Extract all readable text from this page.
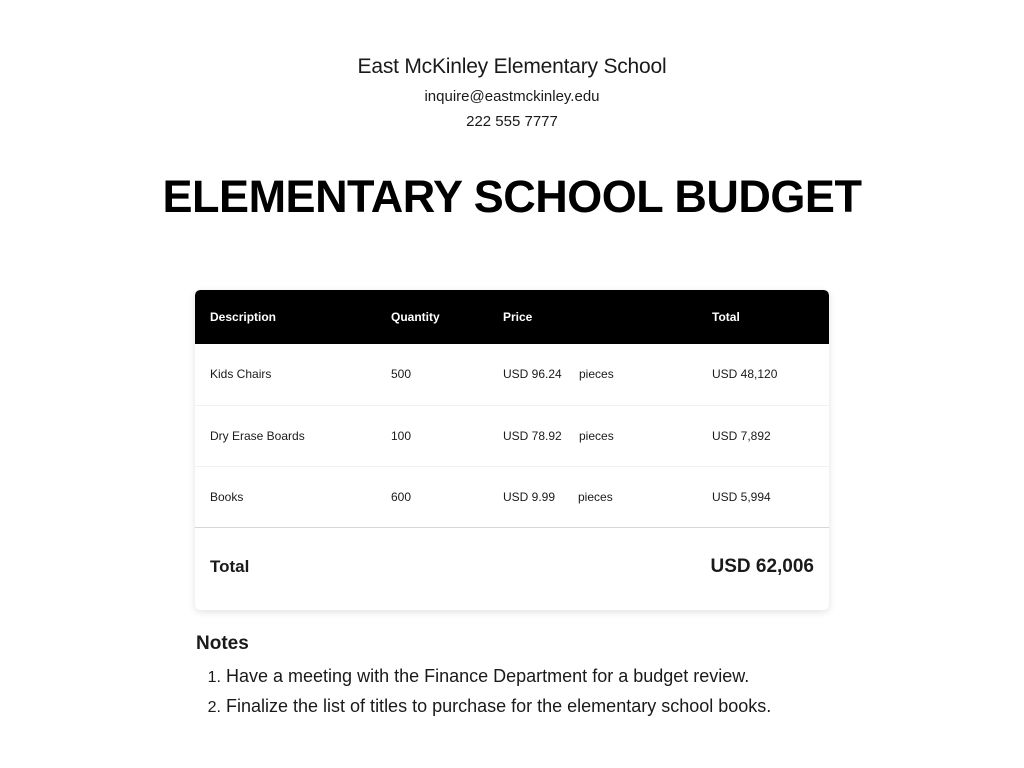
East McKinley Elementary School
inquire@eastmckinley.edu
222 555 7777
ELEMENTARY SCHOOL BUDGET
Description	Quantity	Price	Total
Kids Chairs	500	USD 96.24 pieces	USD 48,120
Dry Erase Boards	100	USD 78.92 pieces	USD 7,892
Books	600	USD 9.99 pieces	USD 5,994
Total	USD 62,006
Notes
1. Have a meeting with the Finance Department for a budget review.
2. Finalize the list of titles to purchase for the elementary school books.
